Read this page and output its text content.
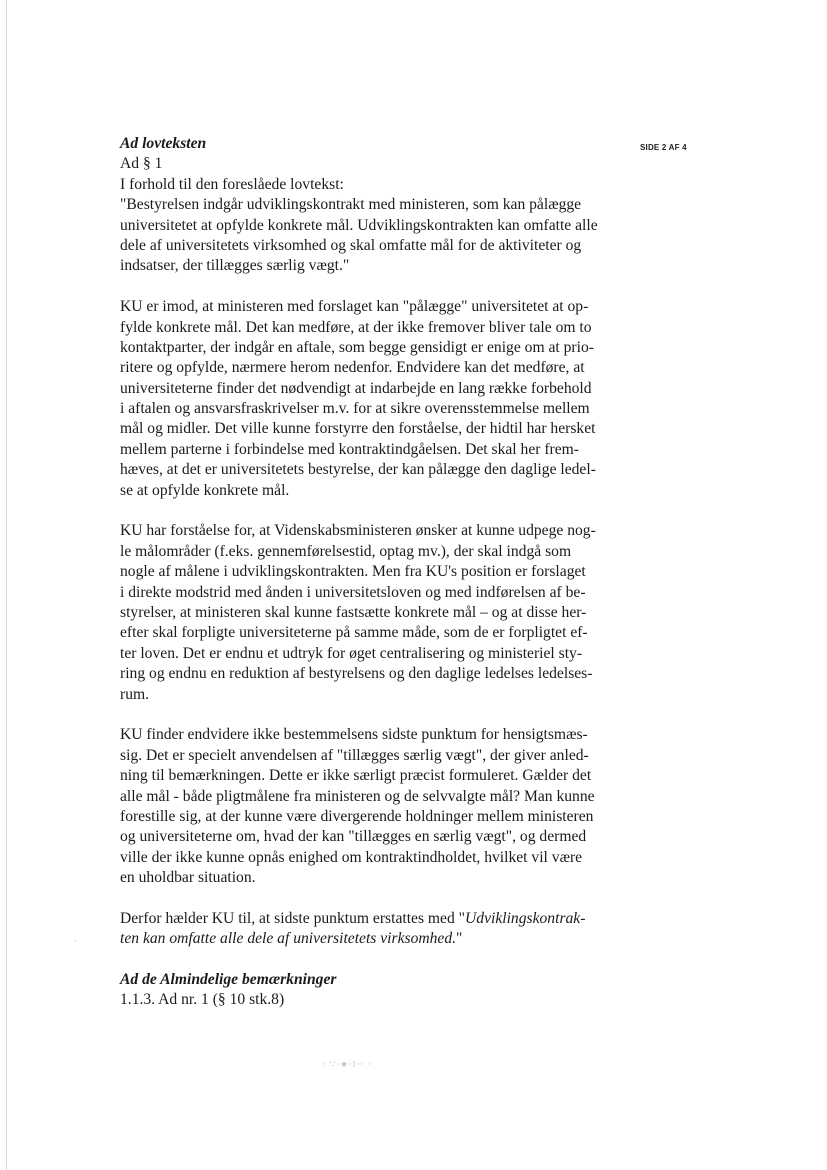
SIDE 2 AF 4
Ad lovteksten
Ad § 1
I forhold til den foreslåede lovtekst:
"Bestyrelsen indgår udviklingskontrakt med ministeren, som kan pålægge
universitetet at opfylde konkrete mål. Udviklingskontrakten kan omfatte alle
dele af universitetets virksomhed og skal omfatte mål for de aktiviteter og
indsatser, der tillægges særlig vægt."
KU er imod, at ministeren med forslaget kan "pålægge" universitetet at op-
fylde konkrete mål. Det kan medføre, at der ikke fremover bliver tale om to
kontaktparter, der indgår en aftale, som begge gensidigt er enige om at prio-
ritere og opfylde, nærmere herom nedenfor. Endvidere kan det medføre, at
universiteterne finder det nødvendigt at indarbejde en lang række forbehold
i aftalen og ansvarsfraskrivelser m.v. for at sikre overensstemmelse mellem
mål og midler. Det ville kunne forstyrre den forståelse, der hidtil har hersket
mellem parterne i forbindelse med kontraktindgåelsen. Det skal her frem-
hæves, at det er universitetets bestyrelse, der kan pålægge den daglige ledel-
se at opfylde konkrete mål.
KU har forståelse for, at Videnskabsministeren ønsker at kunne udpege nog-
le målområder (f.eks. gennemførelsestid, optag mv.), der skal indgå som
nogle af målene i udviklingskontrakten. Men fra KU's position er forslaget
i direkte modstrid med ånden i universitetsloven og med indførelsen af be-
styrelser, at ministeren skal kunne fastsætte konkrete mål – og at disse her-
efter skal forpligte universiteterne på samme måde, som de er forpligtet ef-
ter loven. Det er endnu et udtryk for øget centralisering og ministeriel sty-
ring og endnu en reduktion af bestyrelsens og den daglige ledelses ledelses-
rum.
KU finder endvidere ikke bestemmelsens sidste punktum for hensigtsmæs-
sig. Det er specielt anvendelsen af "tillægges særlig vægt", der giver anled-
ning til bemærkningen. Dette er ikke særligt præcist formuleret. Gælder det
alle mål - både pligtmålene fra ministeren og de selvvalgte mål? Man kunne
forestille sig, at der kunne være divergerende holdninger mellem ministeren
og universiteterne om, hvad der kan "tillægges en særlig vægt", og dermed
ville der ikke kunne opnås enighed om kontraktindholdet, hvilket vil være
en uholdbar situation.
Derfor hælder KU til, at sidste punktum erstattes med "Udviklingskontrak-
ten kan omfatte alle dele af universitetets virksomhed."
Ad de Almindelige bemærkninger
1.1.3. Ad nr. 1 (§ 10 stk.8)
·
· ∵·∗·⁞·· ·
